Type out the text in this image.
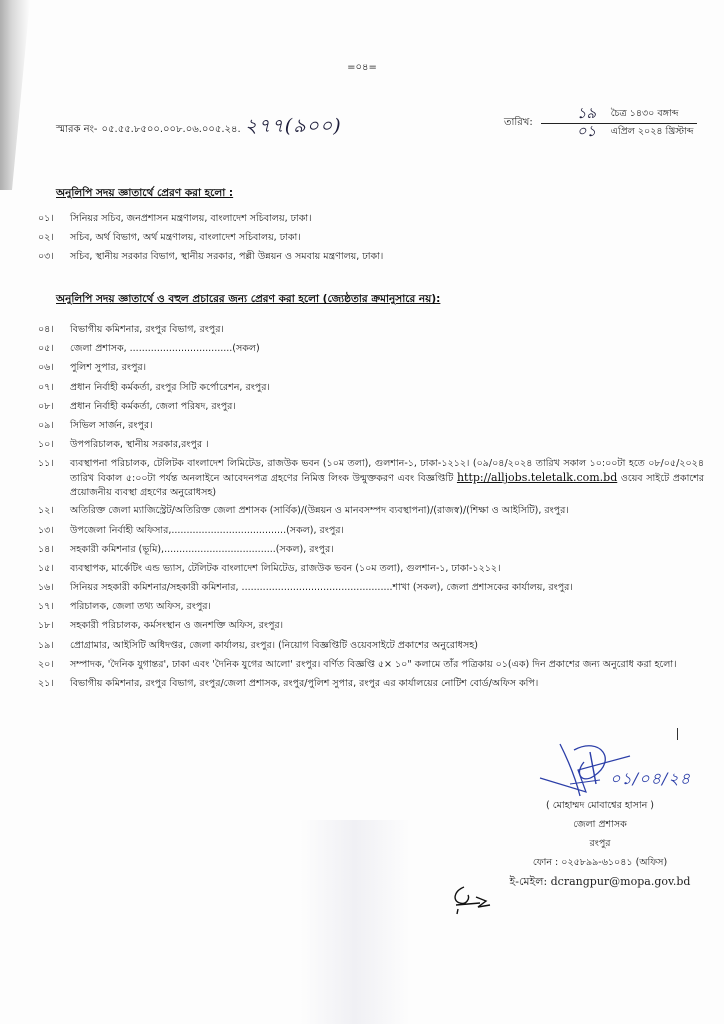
=০৪=
স্মারক নং- ০৫.৫৫.৮৫০০.০০৮.০৬.০০৫.২৪. ২৭৭(৯০০)	তারিখ: ১৯	চৈত্র ১৪৩০ বঙ্গাব্দ
০১	এপ্রিল ২০২৪ খ্রিস্টাব্দ
অনুলিপি সদয় জ্ঞাতার্থে প্রেরণ করা হলো :
০১।	সিনিয়র সচিব, জনপ্রশাসন মন্ত্রণালয়, বাংলাদেশ সচিবালয়, ঢাকা।
০২।	সচিব, অর্থ বিভাগ, অর্থ মন্ত্রণালয়, বাংলাদেশ সচিবালয়, ঢাকা।
০৩।	সচিব, স্থানীয় সরকার বিভাগ, স্থানীয় সরকার, পল্লী উন্নয়ন ও সমবায় মন্ত্রণালয়, ঢাকা।
অনুলিপি সদয় জ্ঞাতার্থে ও বহুল প্রচারের জন্য প্রেরণ করা হলো (জ্যেষ্ঠতার ক্রমানুসারে নয়):
০৪।	বিভাগীয় কমিশনার, রংপুর বিভাগ, রংপুর।
০৫।	জেলা প্রশাসক, ..................................(সকল)
০৬।	পুলিশ সুপার, রংপুর।
০৭।	প্রধান নির্বাহী কর্মকর্তা, রংপুর সিটি কর্পোরেশন, রংপুর।
০৮।	প্রধান নির্বাহী কর্মকর্তা, জেলা পরিষদ, রংপুর।
০৯।	সিভিল সার্জন, রংপুর।
১০।	উপপরিচালক, স্থানীয় সরকার,রংপুর ।
১১।	ব্যবস্থাপনা পরিচালক, টেলিটক বাংলাদেশ লিমিটেড, রাজউক ভবন (১০ম তলা), গুলশান-১, ঢাকা-১২১২। (০৯/০৪/২০২৪ তারিখ সকাল ১০:০০টা হতে ০৮/০৫/২০২৪ তারিখ বিকাল ৫:০০টা পর্যন্ত অনলাইনে আবেদনপত্র গ্রহণের নিমিত্ত লিংক উন্মুক্তকরণ এবং বিজ্ঞপ্তিটি http://alljobs.teletalk.com.bd ওয়েব সাইটে প্রকাশের প্রয়োজনীয় ব্যবস্থা গ্রহণের অনুরোধসহ)
১২।	অতিরিক্ত জেলা ম্যাজিস্ট্রেট/অতিরিক্ত জেলা প্রশাসক (সার্বিক)/(উন্নয়ন ও মানবসম্পদ ব্যবস্থাপনা)/(রাজস্ব)/(শিক্ষা ও আইসিটি), রংপুর।
১৩।	উপজেলা নির্বাহী অফিসার,......................................(সকল), রংপুর।
১৪।	সহকারী কমিশনার (ভূমি),.....................................(সকল), রংপুর।
১৫।	ব্যবস্থাপক, মার্কেটিং এন্ড ভ্যাস, টেলিটক বাংলাদেশ লিমিটেড, রাজউক ভবন (১০ম তলা), গুলশান-১, ঢাকা-১২১২।
১৬।	সিনিয়র সহকারী কমিশনার/সহকারী কমিশনার, ..................................................শাখা (সকল), জেলা প্রশাসকের কার্যালয়, রংপুর।
১৭।	পরিচালক, জেলা তথ্য অফিস, রংপুর।
১৮।	সহকারী পরিচালক, কর্মসংস্থান ও জনশক্তি অফিস, রংপুর।
১৯।	প্রোগ্রামার, আইসিটি অধিদপ্তর, জেলা কার্যালয়, রংপুর। (নিয়োগ বিজ্ঞপ্তিটি ওয়েবসাইটে প্রকাশের অনুরোধসহ)
২০।	সম্পাদক, 'দৈনিক যুগান্তর', ঢাকা এবং 'দৈনিক যুগের আলো' রংপুর। বর্ণিত বিজ্ঞপ্তি ৫× ১০" কলামে তাঁর পত্রিকায় ০১(এক) দিন প্রকাশের জন্য অনুরোধ করা হলো।
২১।	বিভাগীয় কমিশনার, রংপুর বিভাগ, রংপুর/জেলা প্রশাসক, রংপুর/পুলিশ সুপার, রংপুর এর কার্যালয়ের নোটিশ বোর্ড/অফিস কপি।
০১/০৪/২৪
( মোহাম্মদ মোবাশ্বের হাসান )
জেলা প্রশাসক
রংপুর
ফোন : ০২৫৮৯৯-৬১০৪১ (অফিস)
ই-মেইল: dcrangpur@mopa.gov.bd
